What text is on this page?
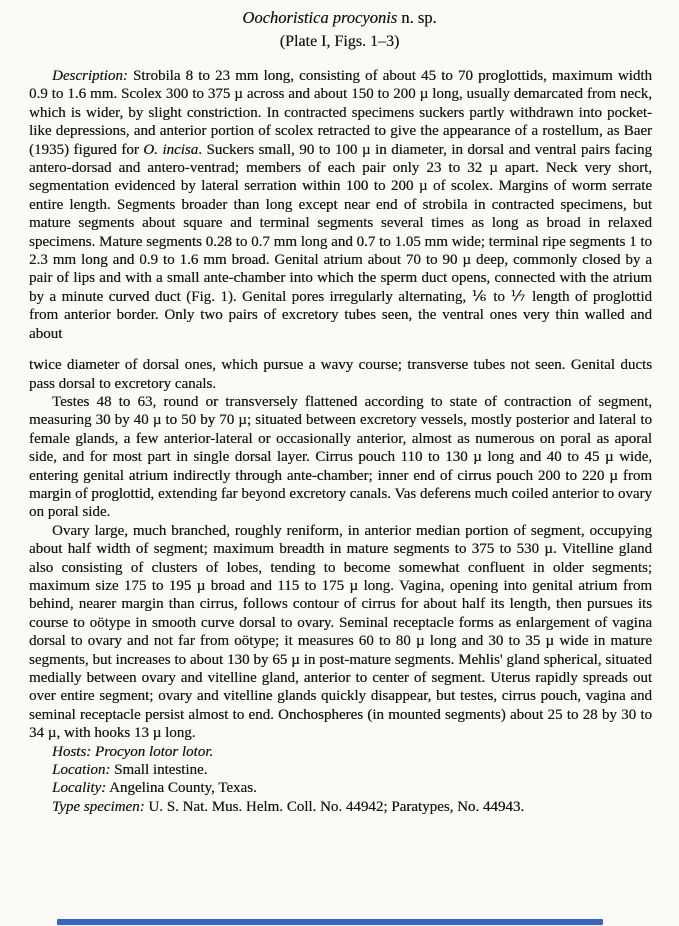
Oochoristica procyonis n. sp.
(Plate I, Figs. 1–3)

Description: Strobila 8 to 23 mm long, consisting of about 45 to 70 proglottids, maximum width 0.9 to 1.6 mm. Scolex 300 to 375 µ across and about 150 to 200 µ long, usually demarcated from neck, which is wider, by slight constriction. In contracted specimens suckers partly withdrawn into pocket-like depressions, and anterior portion of scolex retracted to give the appearance of a rostellum, as Baer (1935) figured for O. incisa. Suckers small, 90 to 100 µ in diameter, in dorsal and ventral pairs facing antero-dorsad and antero-ventrad; members of each pair only 23 to 32 µ apart. Neck very short, segmentation evidenced by lateral serration within 100 to 200 µ of scolex. Margins of worm serrate entire length. Segments broader than long except near end of strobila in contracted specimens, but mature segments about square and terminal segments several times as long as broad in relaxed specimens. Mature segments 0.28 to 0.7 mm long and 0.7 to 1.05 mm wide; terminal ripe segments 1 to 2.3 mm long and 0.9 to 1.6 mm broad. Genital atrium about 70 to 90 µ deep, commonly closed by a pair of lips and with a small ante-chamber into which the sperm duct opens, connected with the atrium by a minute curved duct (Fig. 1). Genital pores irregularly alternating, ⅙ to ⅐ length of proglottid from anterior border. Only two pairs of excretory tubes seen, the ventral ones very thin walled and about

twice diameter of dorsal ones, which pursue a wavy course; transverse tubes not seen. Genital ducts pass dorsal to excretory canals.

Testes 48 to 63, round or transversely flattened according to state of contraction of segment, measuring 30 by 40 µ to 50 by 70 µ; situated between excretory vessels, mostly posterior and lateral to female glands, a few anterior-lateral or occasionally anterior, almost as numerous on poral as aporal side, and for most part in single dorsal layer. Cirrus pouch 110 to 130 µ long and 40 to 45 µ wide, entering genital atrium indirectly through ante-chamber; inner end of cirrus pouch 200 to 220 µ from margin of proglottid, extending far beyond excretory canals. Vas deferens much coiled anterior to ovary on poral side.

Ovary large, much branched, roughly reniform, in anterior median portion of segment, occupying about half width of segment; maximum breadth in mature segments to 375 to 530 µ. Vitelline gland also consisting of clusters of lobes, tending to become somewhat confluent in older segments; maximum size 175 to 195 µ broad and 115 to 175 µ long. Vagina, opening into genital atrium from behind, nearer margin than cirrus, follows contour of cirrus for about half its length, then pursues its course to oötype in smooth curve dorsal to ovary. Seminal receptacle forms as enlargement of vagina dorsal to ovary and not far from oötype; it measures 60 to 80 µ long and 30 to 35 µ wide in mature segments, but increases to about 130 by 65 µ in post-mature segments. Mehlis' gland spherical, situated medially between ovary and vitelline gland, anterior to center of segment. Uterus rapidly spreads out over entire segment; ovary and vitelline glands quickly disappear, but testes, cirrus pouch, vagina and seminal receptacle persist almost to end. Onchospheres (in mounted segments) about 25 to 28 by 30 to 34 µ, with hooks 13 µ long.

Hosts: Procyon lotor lotor.

Location: Small intestine.

Locality: Angelina County, Texas.

Type specimen: U. S. Nat. Mus. Helm. Coll. No. 44942; Paratypes, No. 44943.
